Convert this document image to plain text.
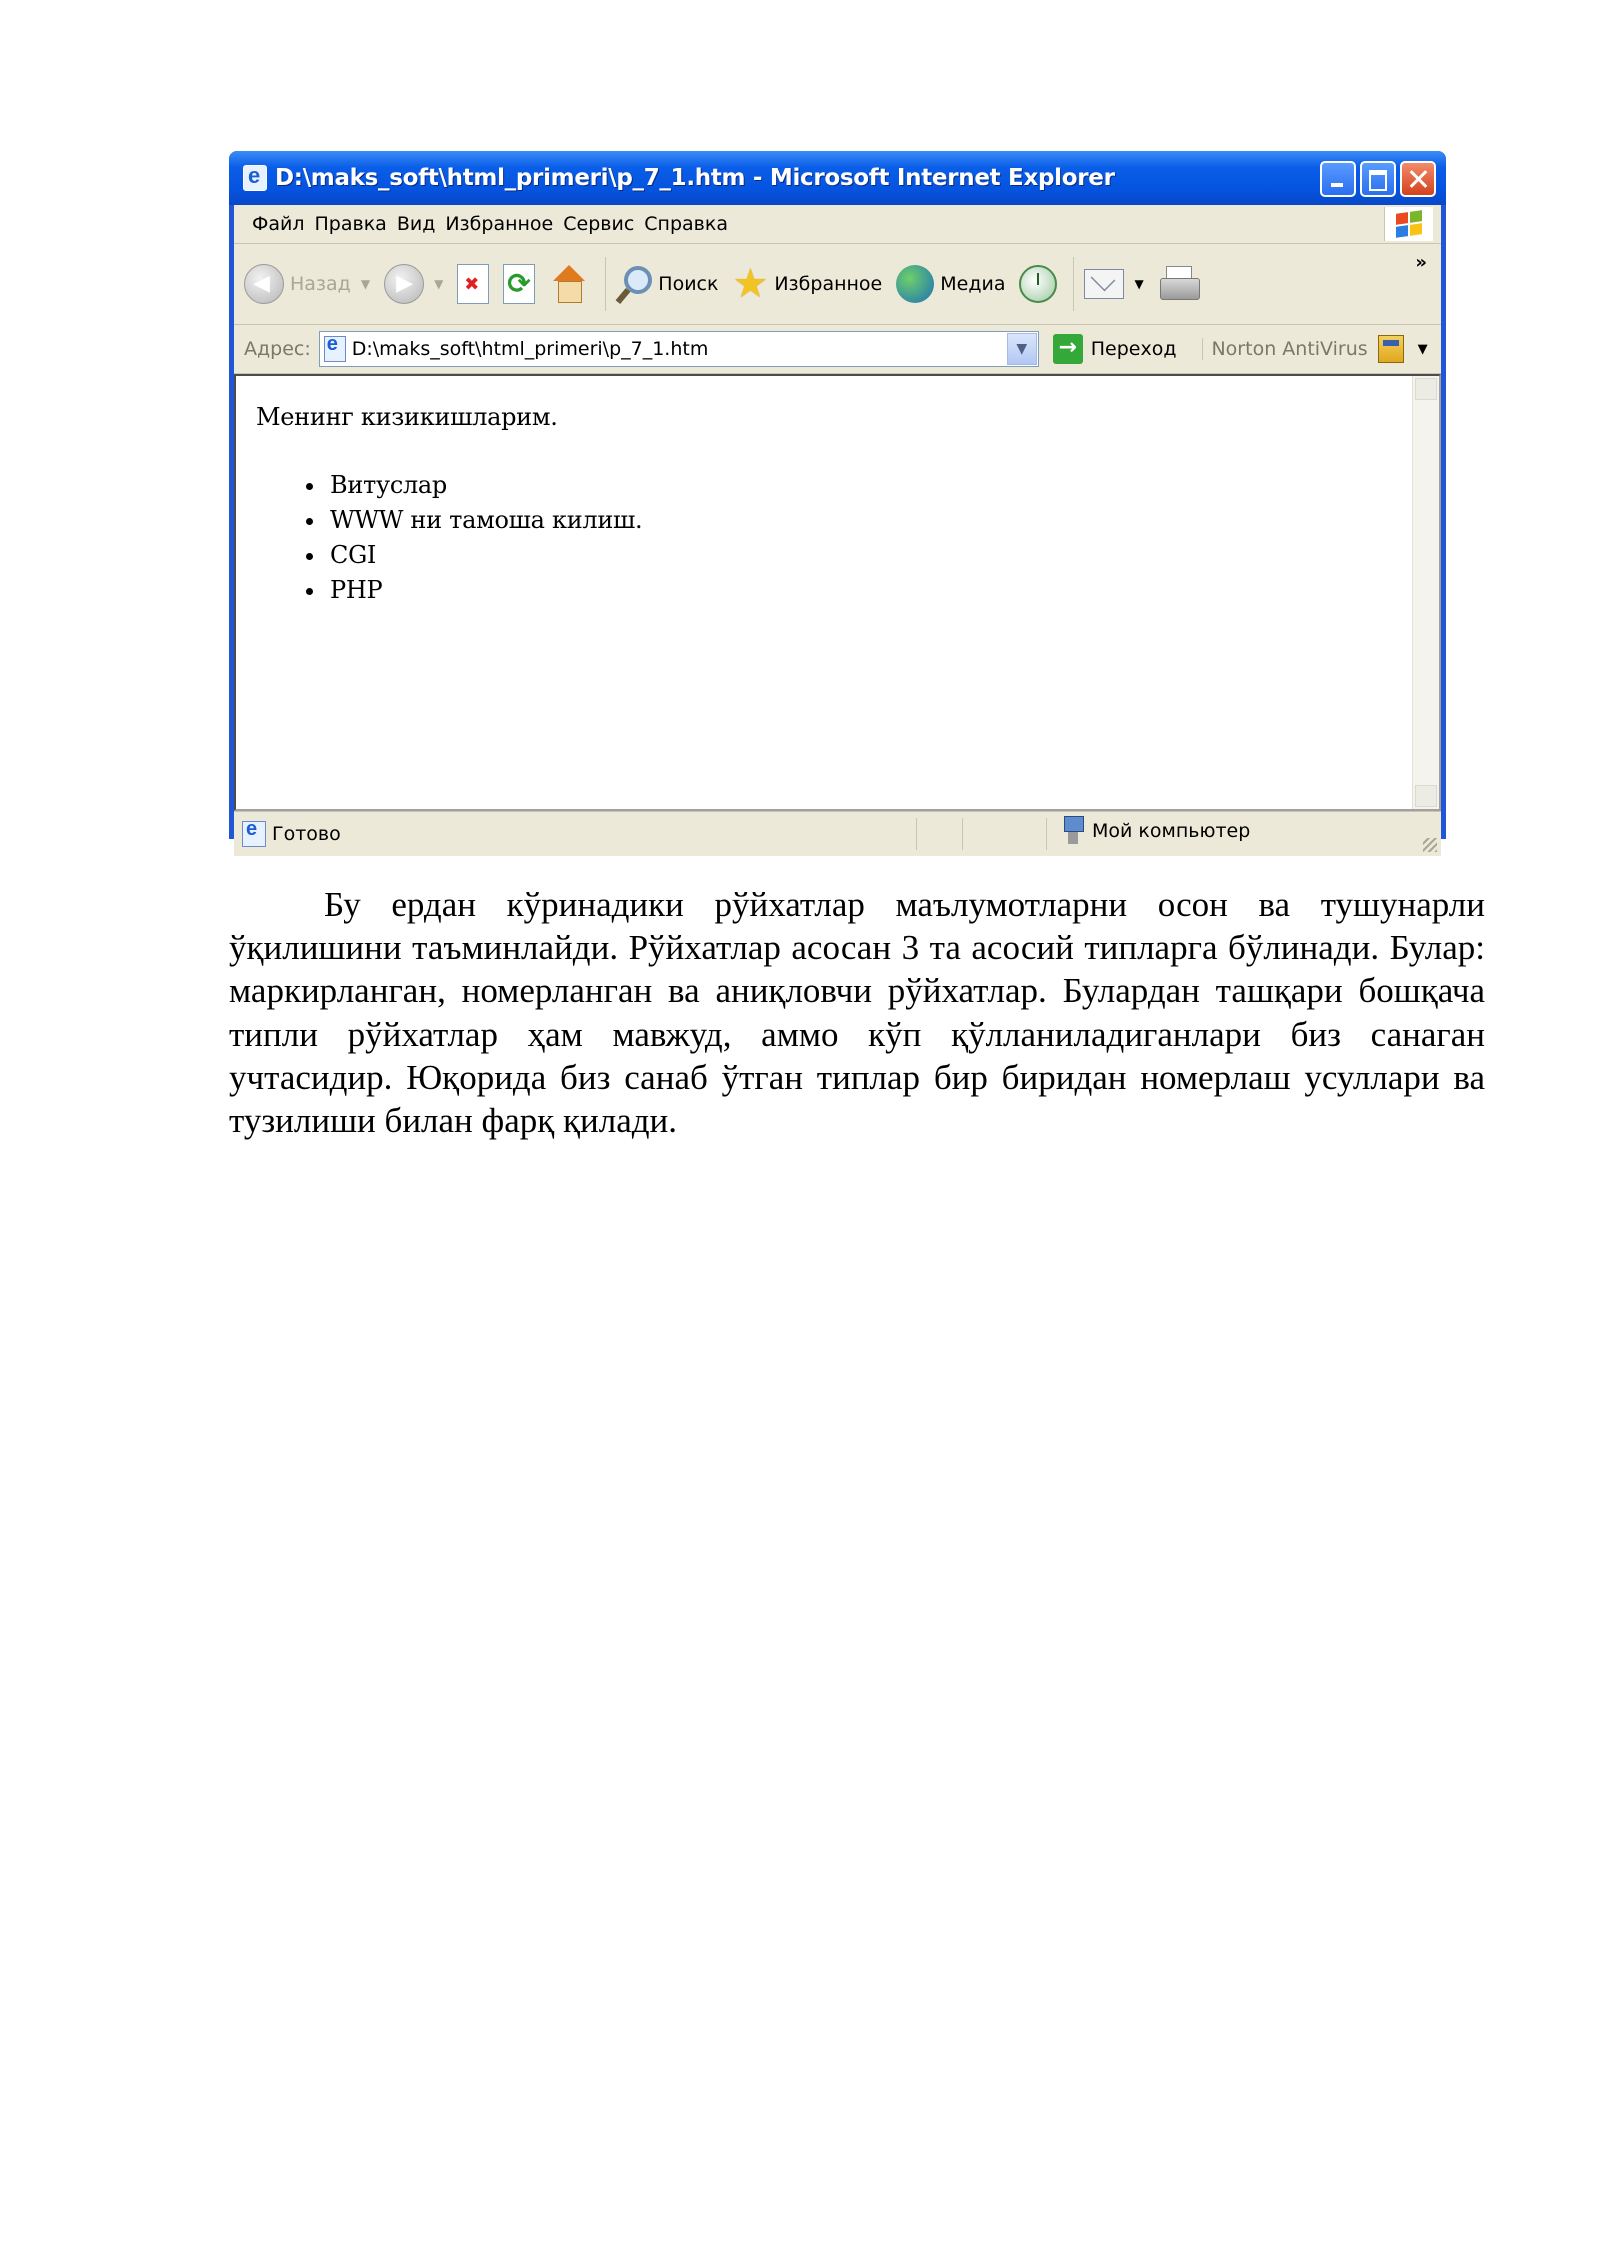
e
D:\maks_soft\html_primeri\p_7_1.htm - Microsoft Internet Explorer
Файл Правка Вид Избранное Сервис Справка
◀
Назад ▼ ▶	▼ ✖ ⟳	Поиск ★ Избранное	Медиа	▼
»
Адрес: e D:\maks_soft\html_primeri\p_7_1.htm	▼	→ Переход	Norton AntiVirus	▼
Менинг кизикишларим.
Витуслар
WWW ни тамоша килиш.
CGI
PHP
e
Готово	Мой компьютер

Бу ердан кўринадики рўйхатлар маълумотларни осон ва тушунарли ўқилишини таъминлайди. Рўйхатлар асосан 3 та асосий типларга бўлинади. Булар: маркирланган, номерланган ва аниқловчи рўйхатлар. Булардан ташқари бошқача типли рўйхатлар ҳам мавжуд, аммо кўп қўлланиладиганлари биз санаган учтасидир. Юқорида биз санаб ўтган типлар бир биридан номерлаш усуллари ва тузилиши билан фарқ қилади.
